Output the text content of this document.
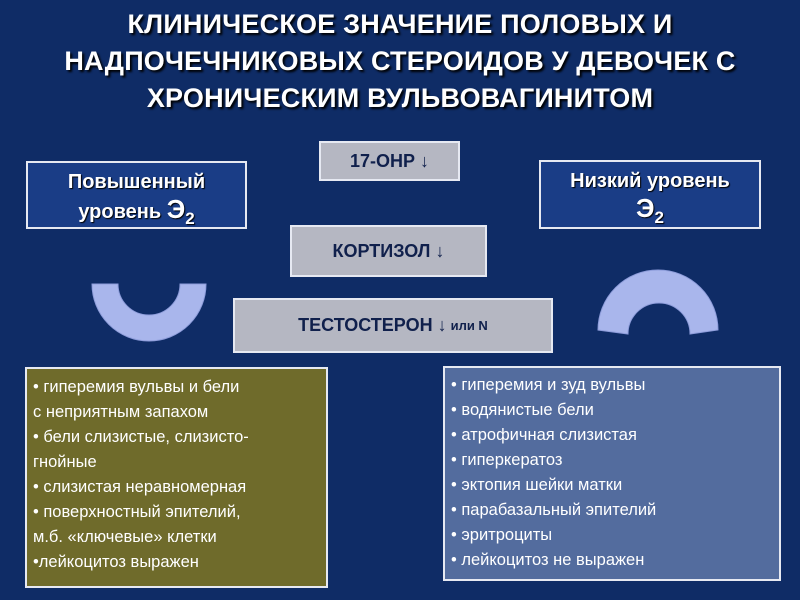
КЛИНИЧЕСКОЕ ЗНАЧЕНИЕ ПОЛОВЫХ И
НАДПОЧЕЧНИКОВЫХ СТЕРОИДОВ У ДЕВОЧЕК С
ХРОНИЧЕСКИМ ВУЛЬВОВАГИНИТОМ
Повышенный
уровень $Э_2$
Низкий уровень
$Э_2$
17-ОНР ↓
КОРТИЗОЛ ↓
ТЕСТОСТЕРОН ↓ или N
• гиперемия вульвы и бели
с неприятным запахом
• бели слизистые, слизисто-
гнойные
• слизистая неравномерная
• поверхностный эпителий,
м.б. «ключевые» клетки
•лейкоцитоз выражен
• гиперемия и зуд вульвы
• водянистые бели
• атрофичная слизистая
• гиперкератоз
• эктопия шейки матки
• парабазальный эпителий
• эритроциты
• лейкоцитоз не выражен
